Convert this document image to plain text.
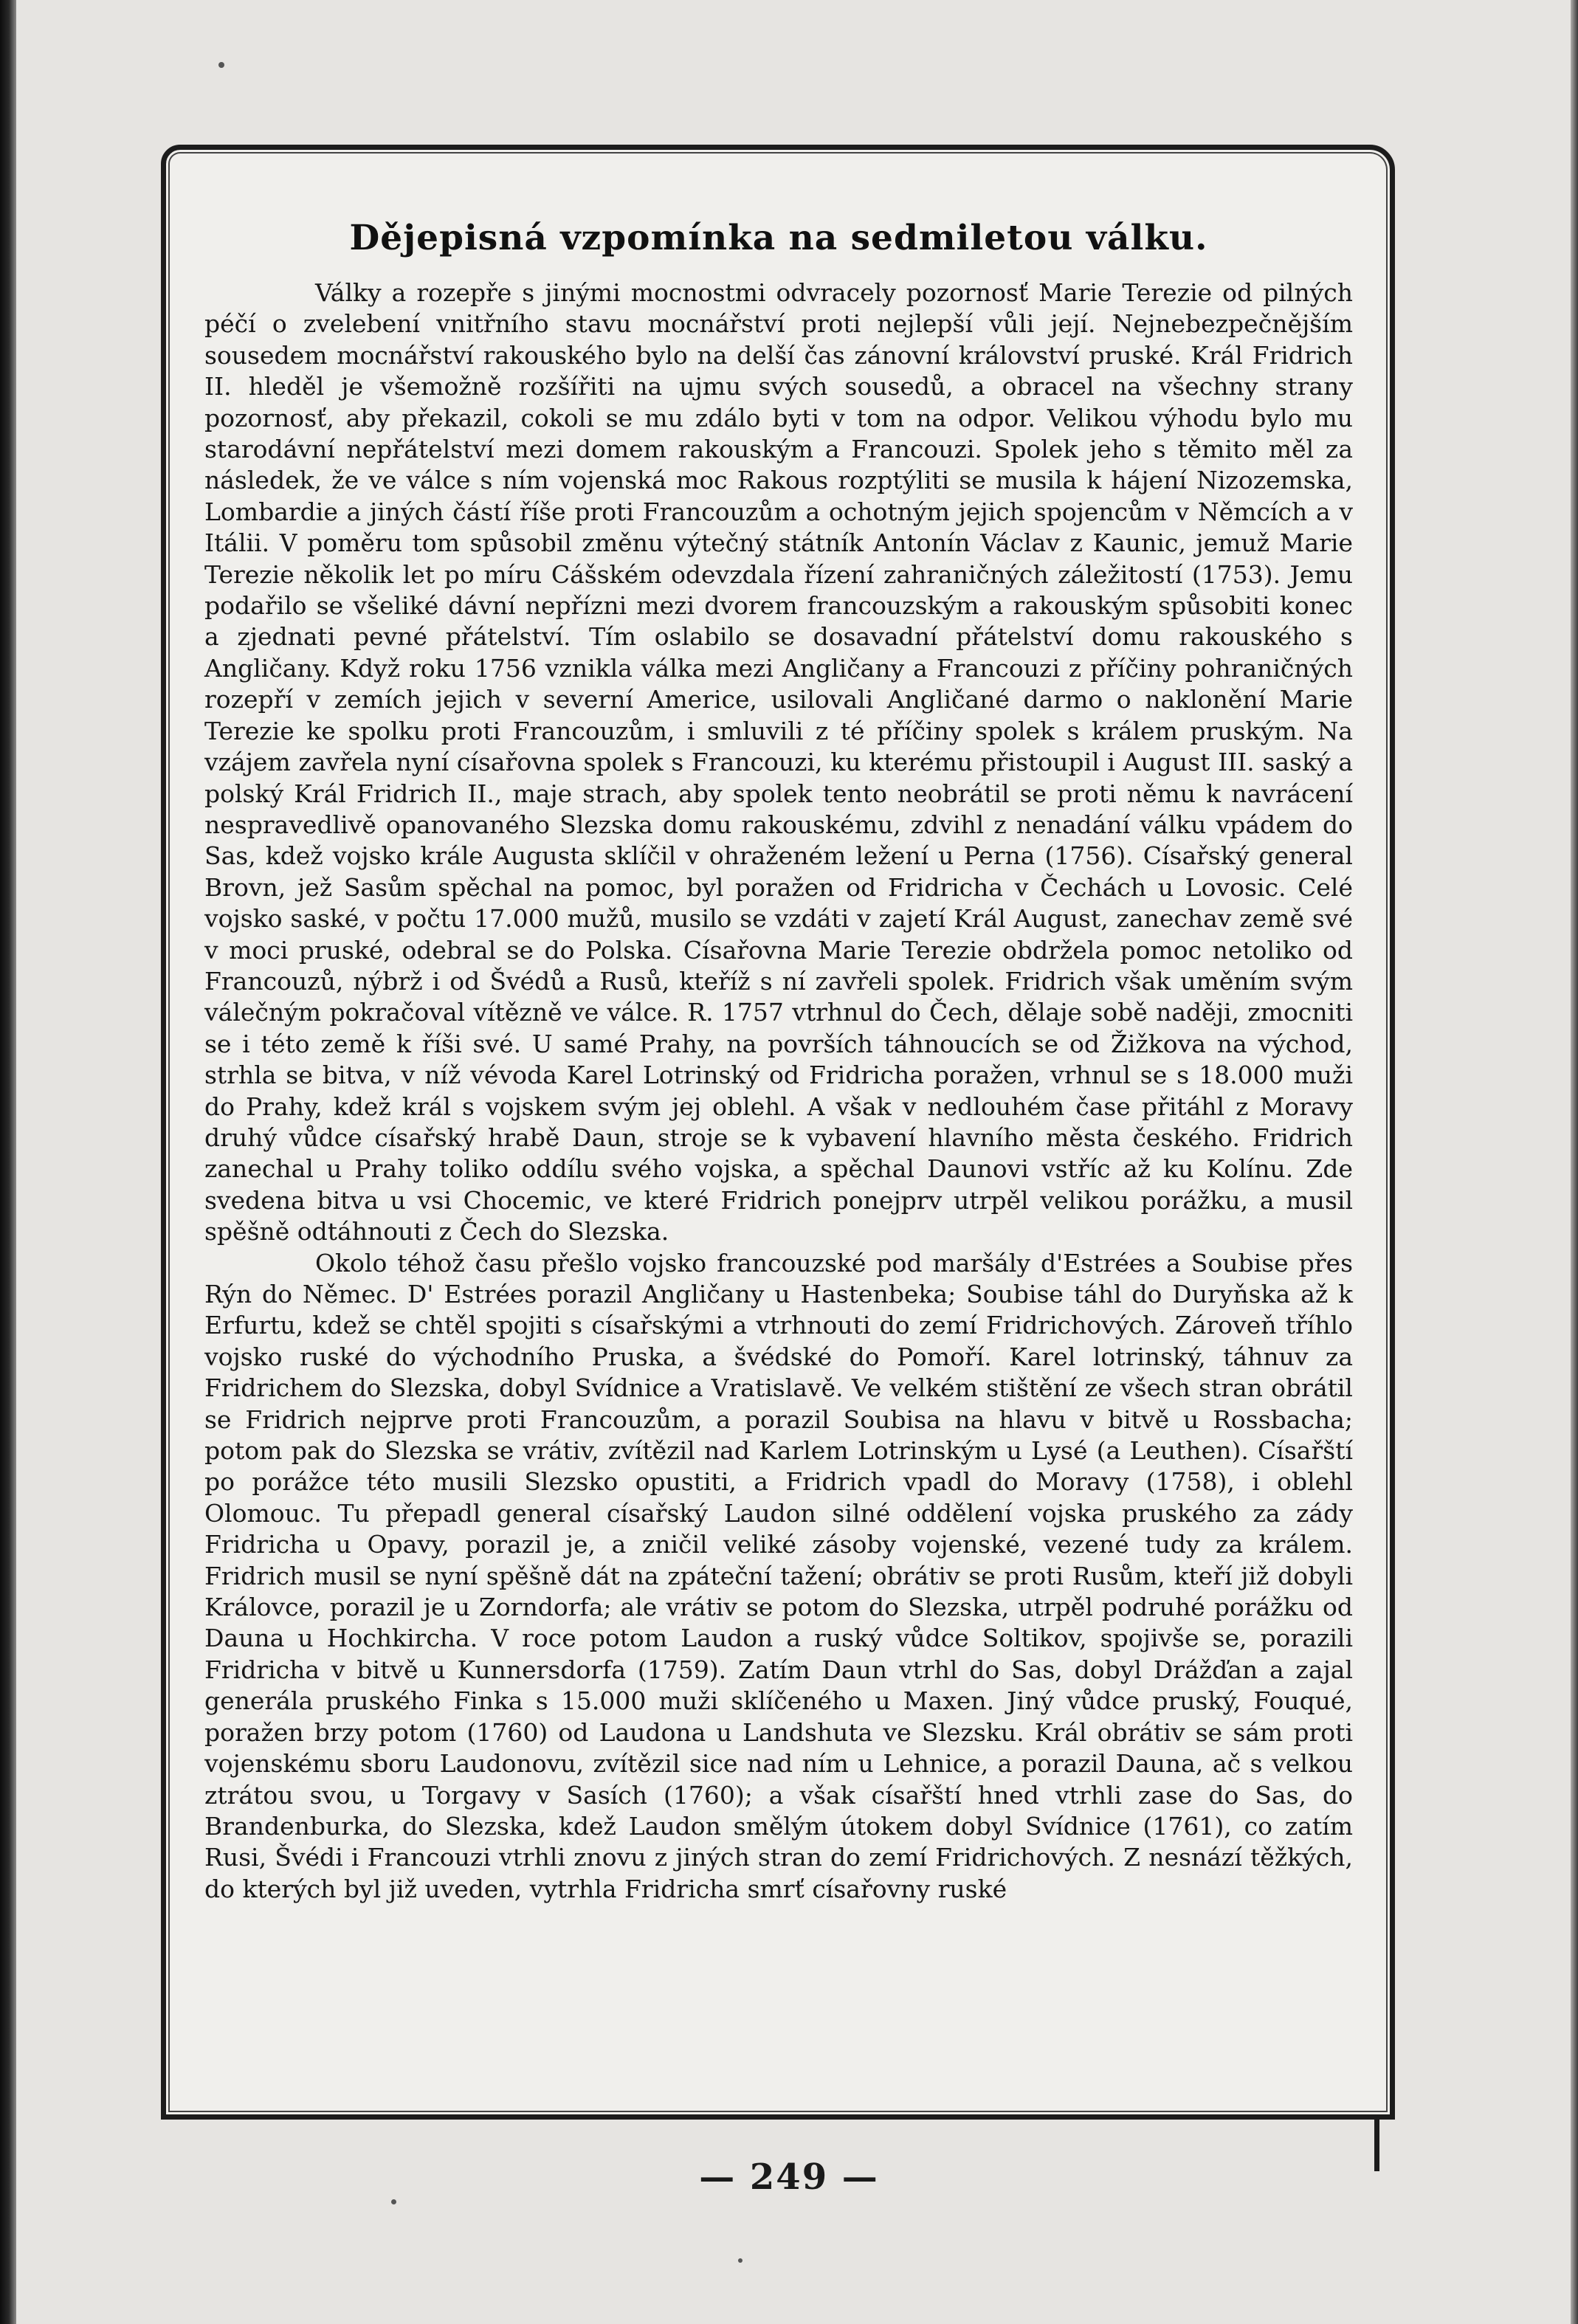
Dějepisná vzpomínka na sedmiletou válku.

Války a rozepře s jinými mocnostmi odvracely pozornosť Marie Terezie od pilných péčí o zvelebení vnitřního stavu mocnářství proti nejlepší vůli její. Nejnebezpečnějším sousedem mocnářství rakouského bylo na delší čas zánovní království pruské. Král Fridrich II. hleděl je všemožně rozšířiti na ujmu svých sousedů, a obracel na všechny strany pozornosť, aby překazil, cokoli se mu zdálo byti v tom na odpor. Velikou výhodu bylo mu starodávní nepřátelství mezi domem rakouským a Francouzi. Spolek jeho s těmito měl za následek, že ve válce s ním vojenská moc Rakous rozptýliti se musila k hájení Nizozemska, Lombardie a jiných částí říše proti Francouzům a ochotným jejich spojencům v Němcích a v Itálii. V poměru tom spůsobil změnu výtečný státník Antonín Václav z Kaunic, jemuž Marie Terezie několik let po míru Cášském odevzdala řízení zahraničných záležitostí (1753). Jemu podařilo se všeliké dávní nepřízni mezi dvorem francouzským a rakouským spůsobiti konec a zjednati pevné přátelství. Tím oslabilo se dosavadní přátelství domu rakouského s Angličany. Když roku 1756 vznikla válka mezi Angličany a Francouzi z příčiny pohraničných rozepří v zemích jejich v severní Americe, usilovali Angličané darmo o naklonění Marie Terezie ke spolku proti Francouzům, i smluvili z té příčiny spolek s králem pruským. Na vzájem zavřela nyní císařovna spolek s Francouzi, ku kterému přistoupil i August III. saský a polský Král Fridrich II., maje strach, aby spolek tento neobrátil se proti němu k navrácení nespravedlivě opanovaného Slezska domu rakouskému, zdvihl z nenadání válku vpádem do Sas, kdež vojsko krále Augusta sklíčil v ohraženém ležení u Perna (1756). Císařský general Brovn, jež Sasům spěchal na pomoc, byl poražen od Fridricha v Čechách u Lovosic. Celé vojsko saské, v počtu 17.000 mužů, musilo se vzdáti v zajetí Král August, zanechav země své v moci pruské, odebral se do Polska. Císařovna Marie Terezie obdržela pomoc netoliko od Francouzů, nýbrž i od Švédů a Rusů, kteříž s ní zavřeli spolek. Fridrich však uměním svým válečným pokračoval vítězně ve válce. R. 1757 vtrhnul do Čech, dělaje sobě naději, zmocniti se i této země k říši své. U samé Prahy, na površích táhnoucích se od Žižkova na východ, strhla se bitva, v níž vévoda Karel Lotrinský od Fridricha poražen, vrhnul se s 18.000 muži do Prahy, kdež král s vojskem svým jej oblehl. A však v nedlouhém čase přitáhl z Moravy druhý vůdce císařský hrabě Daun, stroje se k vybavení hlavního města českého. Fridrich zanechal u Prahy toliko oddílu svého vojska, a spěchal Daunovi vstříc až ku Kolínu. Zde svedena bitva u vsi Chocemic, ve které Fridrich ponejprv utrpěl velikou porážku, a musil spěšně odtáhnouti z Čech do Slezska.

Okolo téhož času přešlo vojsko francouzské pod maršály d'Estrées a Soubise přes Rýn do Němec. D' Estrées porazil Angličany u Hastenbeka; Soubise táhl do Duryňska až k Erfurtu, kdež se chtěl spojiti s císařskými a vtrhnouti do zemí Fridrichových. Zároveň tříhlo vojsko ruské do východního Pruska, a švédské do Pomoří. Karel lotrinský, táhnuv za Fridrichem do Slezska, dobyl Svídnice a Vratislavě. Ve velkém stištění ze všech stran obrátil se Fridrich nejprve proti Francouzům, a porazil Soubisa na hlavu v bitvě u Rossbacha; potom pak do Slezska se vrátiv, zvítězil nad Karlem Lotrinským u Lysé (a Leuthen). Císařští po porážce této musili Slezsko opustiti, a Fridrich vpadl do Moravy (1758), i oblehl Olomouc. Tu přepadl general císařský Laudon silné oddělení vojska pruského za zády Fridricha u Opavy, porazil je, a zničil veliké zásoby vojenské, vezené tudy za králem. Fridrich musil se nyní spěšně dát na zpáteční tažení; obrátiv se proti Rusům, kteří již dobyli Královce, porazil je u Zorndorfa; ale vrátiv se potom do Slezska, utrpěl podruhé porážku od Dauna u Hochkircha. V roce potom Laudon a ruský vůdce Soltikov, spojivše se, porazili Fridricha v bitvě u Kunnersdorfa (1759). Zatím Daun vtrhl do Sas, dobyl Drážďan a zajal generála pruského Finka s 15.000 muži sklíčeného u Maxen. Jiný vůdce pruský, Fouqué, poražen brzy potom (1760) od Laudona u Landshuta ve Slezsku. Král obrátiv se sám proti vojenskému sboru Laudonovu, zvítězil sice nad ním u Lehnice, a porazil Dauna, ač s velkou ztrátou svou, u Torgavy v Sasích (1760); a však císařští hned vtrhli zase do Sas, do Brandenburka, do Slezska, kdež Laudon smělým útokem dobyl Svídnice (1761), co zatím Rusi, Švédi i Francouzi vtrhli znovu z jiných stran do zemí Fridrichových. Z nesnází těžkých, do kterých byl již uveden, vytrhla Fridricha smrť císařovny ruské

— 249 —
